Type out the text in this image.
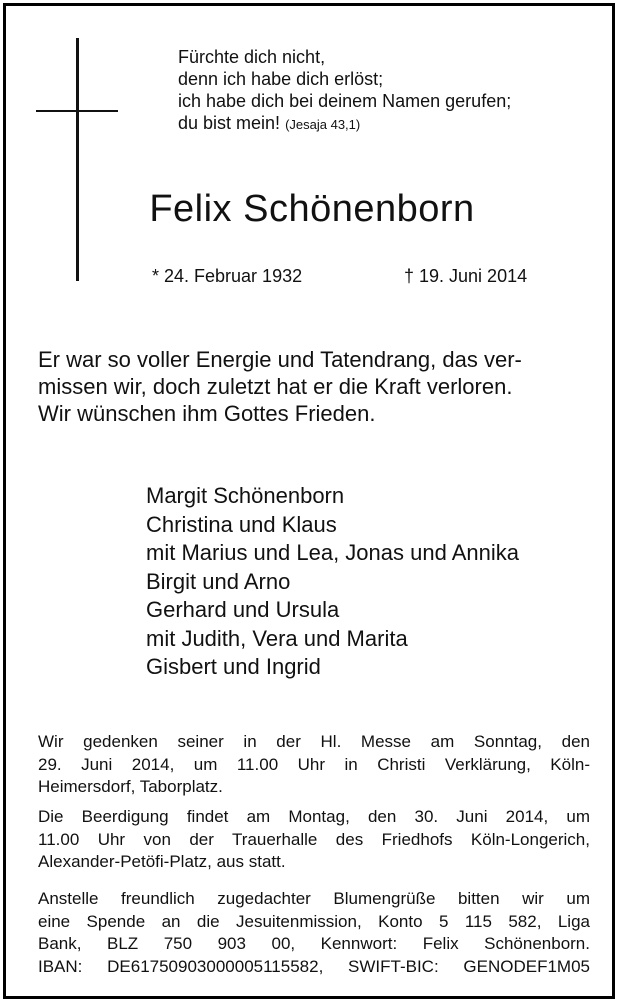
Fürchte dich nicht,
denn ich habe dich erlöst;
ich habe dich bei deinem Namen gerufen;
du bist mein! (Jesaja 43,1)
Felix Schönenborn
* 24. Februar 1932	† 19. Juni 2014
Er war so voller Energie und Tatendrang, das ver-
missen wir, doch zuletzt hat er die Kraft verloren.
Wir wünschen ihm Gottes Frieden.
Margit Schönenborn
Christina und Klaus
mit Marius und Lea, Jonas und Annika
Birgit und Arno
Gerhard und Ursula
mit Judith, Vera und Marita
Gisbert und Ingrid
Wir gedenken seiner in der Hl. Messe am Sonntag, den
29. Juni 2014, um 11.00 Uhr in Christi Verklärung, Köln-
Heimersdorf, Taborplatz.
Die Beerdigung findet am Montag, den 30. Juni 2014, um
11.00 Uhr von der Trauerhalle des Friedhofs Köln-Longerich,
Alexander-Petöfi-Platz, aus statt.
Anstelle freundlich zugedachter Blumengrüße bitten wir um
eine Spende an die Jesuitenmission, Konto 5 115 582, Liga
Bank, BLZ 750 903 00, Kennwort: Felix Schönenborn.
IBAN: DE61750903000005115582, SWIFT-BIC: GENODEF1M05
